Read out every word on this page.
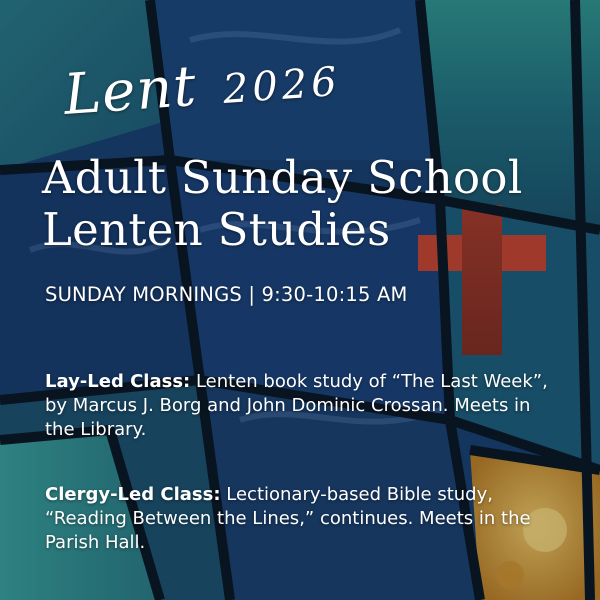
Lent 2026
Adult Sunday School
Lenten Studies
SUNDAY MORNINGS | 9:30-10:15 AM
Lay-Led Class: Lenten book study of “The Last Week”, by Marcus J. Borg and John Dominic Crossan. Meets in the Library.
Clergy-Led Class: Lectionary-based Bible study, “Reading Between the Lines,” continues. Meets in the Parish Hall.
